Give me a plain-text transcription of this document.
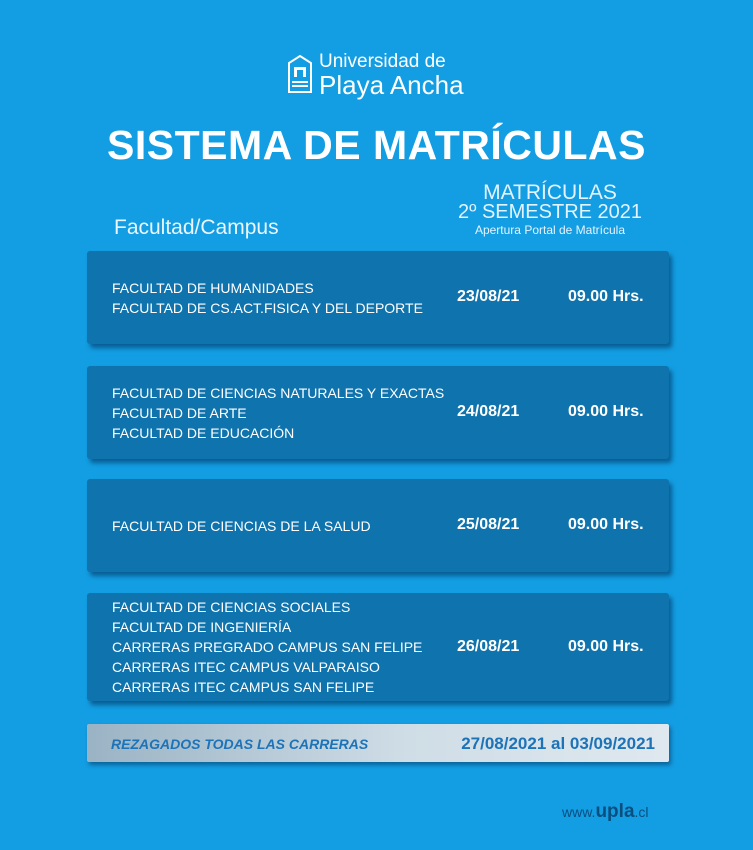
Universidad de
Playa Ancha
SISTEMA DE MATRÍCULAS
Facultad/Campus
MATRÍCULAS
2º SEMESTRE 2021
Apertura Portal de Matrícula
FACULTAD DE HUMANIDADES
FACULTAD DE CS.ACT.FISICA Y DEL DEPORTE
23/08/21	09.00 Hrs.
FACULTAD DE CIENCIAS NATURALES Y EXACTAS
FACULTAD DE ARTE
FACULTAD DE EDUCACIÓN
24/08/21	09.00 Hrs.
FACULTAD DE CIENCIAS DE LA SALUD	25/08/21	09.00 Hrs.
FACULTAD DE CIENCIAS SOCIALES
FACULTAD DE INGENIERÍA
CARRERAS PREGRADO CAMPUS SAN FELIPE
CARRERAS ITEC CAMPUS VALPARAISO
CARRERAS ITEC CAMPUS SAN FELIPE
26/08/21	09.00 Hrs.
REZAGADOS TODAS LAS CARRERAS	27/08/2021 al 03/09/2021
www.upla.cl
